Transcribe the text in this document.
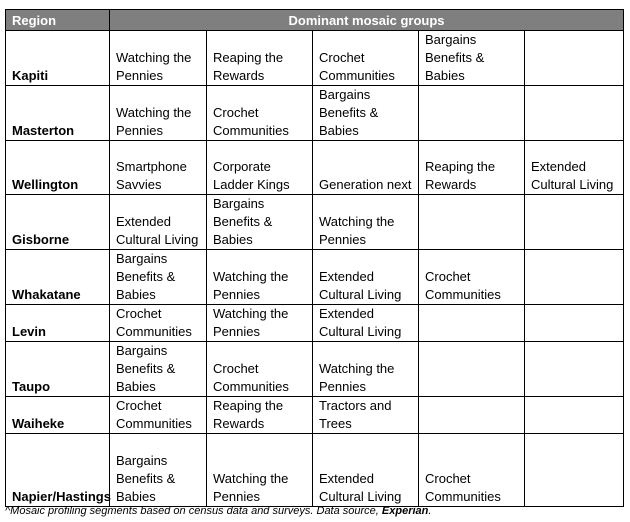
Region	Dominant mosaic groups				
Kapiti	Watching the Pennies	Reaping the Rewards	Crochet Communities	Bargains Benefits & Babies	
Masterton	Watching the Pennies	Crochet Communities	Bargains Benefits & Babies		
Wellington	Smartphone Savvies	Corporate Ladder Kings	Generation next	Reaping the Rewards	Extended Cultural Living
Gisborne	Extended Cultural Living	Bargains Benefits & Babies	Watching the Pennies		
Whakatane	Bargains Benefits & Babies	Watching the Pennies	Extended Cultural Living	Crochet Communities	
Levin	Crochet Communities	Watching the Pennies	Extended Cultural Living		
Taupo	Bargains Benefits & Babies	Crochet Communities	Watching the Pennies		
Waiheke	Crochet Communities	Reaping the Rewards	Tractors and Trees		
Napier/Hastings	Bargains Benefits & Babies	Watching the Pennies	Extended Cultural Living	Crochet Communities	
^Mosaic profiling segments based on census data and surveys. Data source, Experian.
